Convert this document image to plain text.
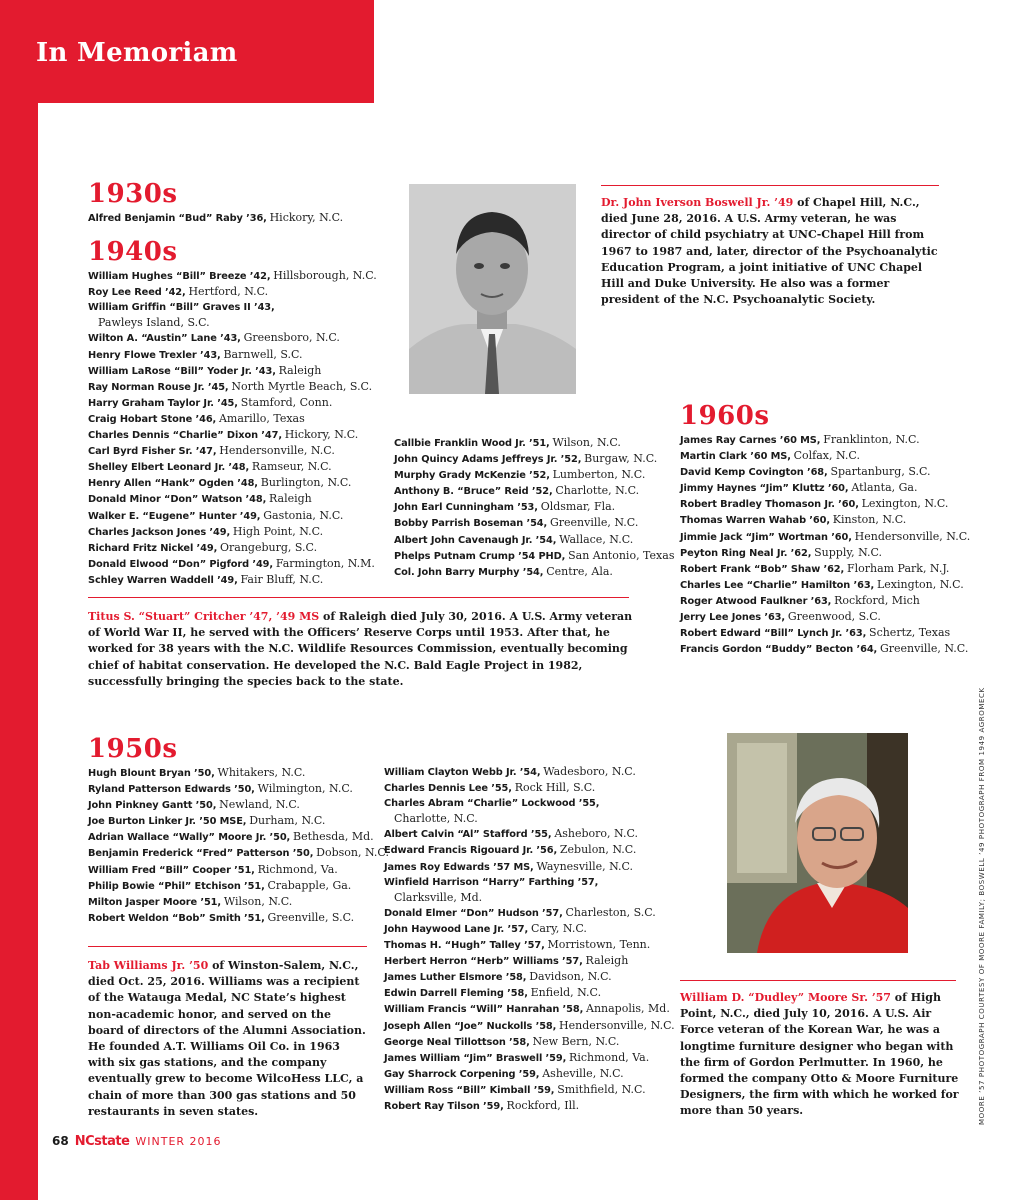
In Memoriam
1930s
Alfred Benjamin “Bud” Raby ’36, Hickory, N.C.
1940s
William Hughes “Bill” Breeze ’42, Hillsborough, N.C.
Roy Lee Reed ’42, Hertford, N.C.
William Griffin “Bill” Graves II ’43,
Pawleys Island, S.C.
Wilton A. “Austin” Lane ’43, Greensboro, N.C.
Henry Flowe Trexler ’43, Barnwell, S.C.
William LaRose “Bill” Yoder Jr. ’43, Raleigh
Ray Norman Rouse Jr. ’45, North Myrtle Beach, S.C.
Harry Graham Taylor Jr. ’45, Stamford, Conn.
Craig Hobart Stone ’46, Amarillo, Texas
Charles Dennis “Charlie” Dixon ’47, Hickory, N.C.
Carl Byrd Fisher Sr. ’47, Hendersonville, N.C.
Shelley Elbert Leonard Jr. ’48, Ramseur, N.C.
Henry Allen “Hank” Ogden ’48, Burlington, N.C.
Donald Minor “Don” Watson ’48, Raleigh
Walker E. “Eugene” Hunter ’49, Gastonia, N.C.
Charles Jackson Jones ’49, High Point, N.C.
Richard Fritz Nickel ’49, Orangeburg, S.C.
Donald Elwood “Don” Pigford ’49, Farmington, N.M.
Schley Warren Waddell ’49, Fair Bluff, N.C.
Dr. John Iverson Boswell Jr. ’49 of Chapel Hill, N.C., died June 28, 2016. A U.S. Army veteran, he was director of child psychiatry at UNC-Chapel Hill from 1967 to 1987 and, later, director of the Psychoanalytic Education Program, a joint initiative of UNC Chapel Hill and Duke University. He also was a former president of the N.C. Psychoanalytic Society.
Callbie Franklin Wood Jr. ’51, Wilson, N.C.
John Quincy Adams Jeffreys Jr. ’52, Burgaw, N.C.
Murphy Grady McKenzie ’52, Lumberton, N.C.
Anthony B. “Bruce” Reid ’52, Charlotte, N.C.
John Earl Cunningham ’53, Oldsmar, Fla.
Bobby Parrish Boseman ’54, Greenville, N.C.
Albert John Cavenaugh Jr. ’54, Wallace, N.C.
Phelps Putnam Crump ’54 PHD, San Antonio, Texas
Col. John Barry Murphy ’54, Centre, Ala.
1960s
James Ray Carnes ’60 MS, Franklinton, N.C.
Martin Clark ’60 MS, Colfax, N.C.
David Kemp Covington ’68, Spartanburg, S.C.
Jimmy Haynes “Jim” Kluttz ’60, Atlanta, Ga.
Robert Bradley Thomason Jr. ’60, Lexington, N.C.
Thomas Warren Wahab ’60, Kinston, N.C.
Jimmie Jack “Jim” Wortman ’60, Hendersonville, N.C.
Peyton Ring Neal Jr. ’62, Supply, N.C.
Robert Frank “Bob” Shaw ’62, Florham Park, N.J.
Charles Lee “Charlie” Hamilton ’63, Lexington, N.C.
Roger Atwood Faulkner ’63, Rockford, Mich
Jerry Lee Jones ’63, Greenwood, S.C.
Robert Edward “Bill” Lynch Jr. ’63, Schertz, Texas
Francis Gordon “Buddy” Becton ’64, Greenville, N.C.
Titus S. “Stuart” Critcher ’47, ’49 MS of Raleigh died July 30, 2016. A U.S. Army veteran of World War II, he served with the Officers’ Reserve Corps until 1953. After that, he worked for 38 years with the N.C. Wildlife Resources Commission, eventually becoming chief of habitat conservation. He developed the N.C. Bald Eagle Project in 1982, successfully bringing the species back to the state.
1950s
Hugh Blount Bryan ’50, Whitakers, N.C.
Ryland Patterson Edwards ’50, Wilmington, N.C.
John Pinkney Gantt ’50, Newland, N.C.
Joe Burton Linker Jr. ’50 MSE, Durham, N.C.
Adrian Wallace “Wally” Moore Jr. ’50, Bethesda, Md.
Benjamin Frederick “Fred” Patterson ’50, Dobson, N.C.
William Fred “Bill” Cooper ’51, Richmond, Va.
Philip Bowie “Phil” Etchison ’51, Crabapple, Ga.
Milton Jasper Moore ’51, Wilson, N.C.
Robert Weldon “Bob” Smith ’51, Greenville, S.C.
William Clayton Webb Jr. ’54, Wadesboro, N.C.
Charles Dennis Lee ’55, Rock Hill, S.C.
Charles Abram “Charlie” Lockwood ’55,
Charlotte, N.C.
Albert Calvin “Al” Stafford ’55, Asheboro, N.C.
Edward Francis Rigouard Jr. ’56, Zebulon, N.C.
James Roy Edwards ’57 MS, Waynesville, N.C.
Winfield Harrison “Harry” Farthing ’57,
Clarksville, Md.
Donald Elmer “Don” Hudson ’57, Charleston, S.C.
John Haywood Lane Jr. ’57, Cary, N.C.
Thomas H. “Hugh” Talley ’57, Morristown, Tenn.
Herbert Herron “Herb” Williams ’57, Raleigh
James Luther Elsmore ’58, Davidson, N.C.
Edwin Darrell Fleming ’58, Enfield, N.C.
William Francis “Will” Hanrahan ’58, Annapolis, Md.
Joseph Allen “Joe” Nuckolls ’58, Hendersonville, N.C.
George Neal Tillottson ’58, New Bern, N.C.
James William “Jim” Braswell ’59, Richmond, Va.
Gay Sharrock Corpening ’59, Asheville, N.C.
William Ross “Bill” Kimball ’59, Smithfield, N.C.
Robert Ray Tilson ’59, Rockford, Ill.
Tab Williams Jr. ’50 of Winston-Salem, N.C., died Oct. 25, 2016. Williams was a recipient of the Watauga Medal, NC State’s highest non-academic honor, and served on the board of directors of the Alumni Association. He founded A.T. Williams Oil Co. in 1963 with six gas stations, and the company eventually grew to become WilcoHess LLC, a chain of more than 300 gas stations and 50 restaurants in seven states.
William D. “Dudley” Moore Sr. ’57 of High Point, N.C., died July 10, 2016. A U.S. Air Force veteran of the Korean War, he was a longtime furniture designer who began with the firm of Gordon Perlmutter. In 1960, he formed the company Otto & Moore Furniture Designers, the firm with which he worked for more than 50 years.
68 NCstate WINTER 2016
MOORE ’57 PHOTOGRAPH COURTESY OF MOORE FAMILY; BOSWELL ’49 PHOTOGRAPH FROM 1949 AGROMECK
